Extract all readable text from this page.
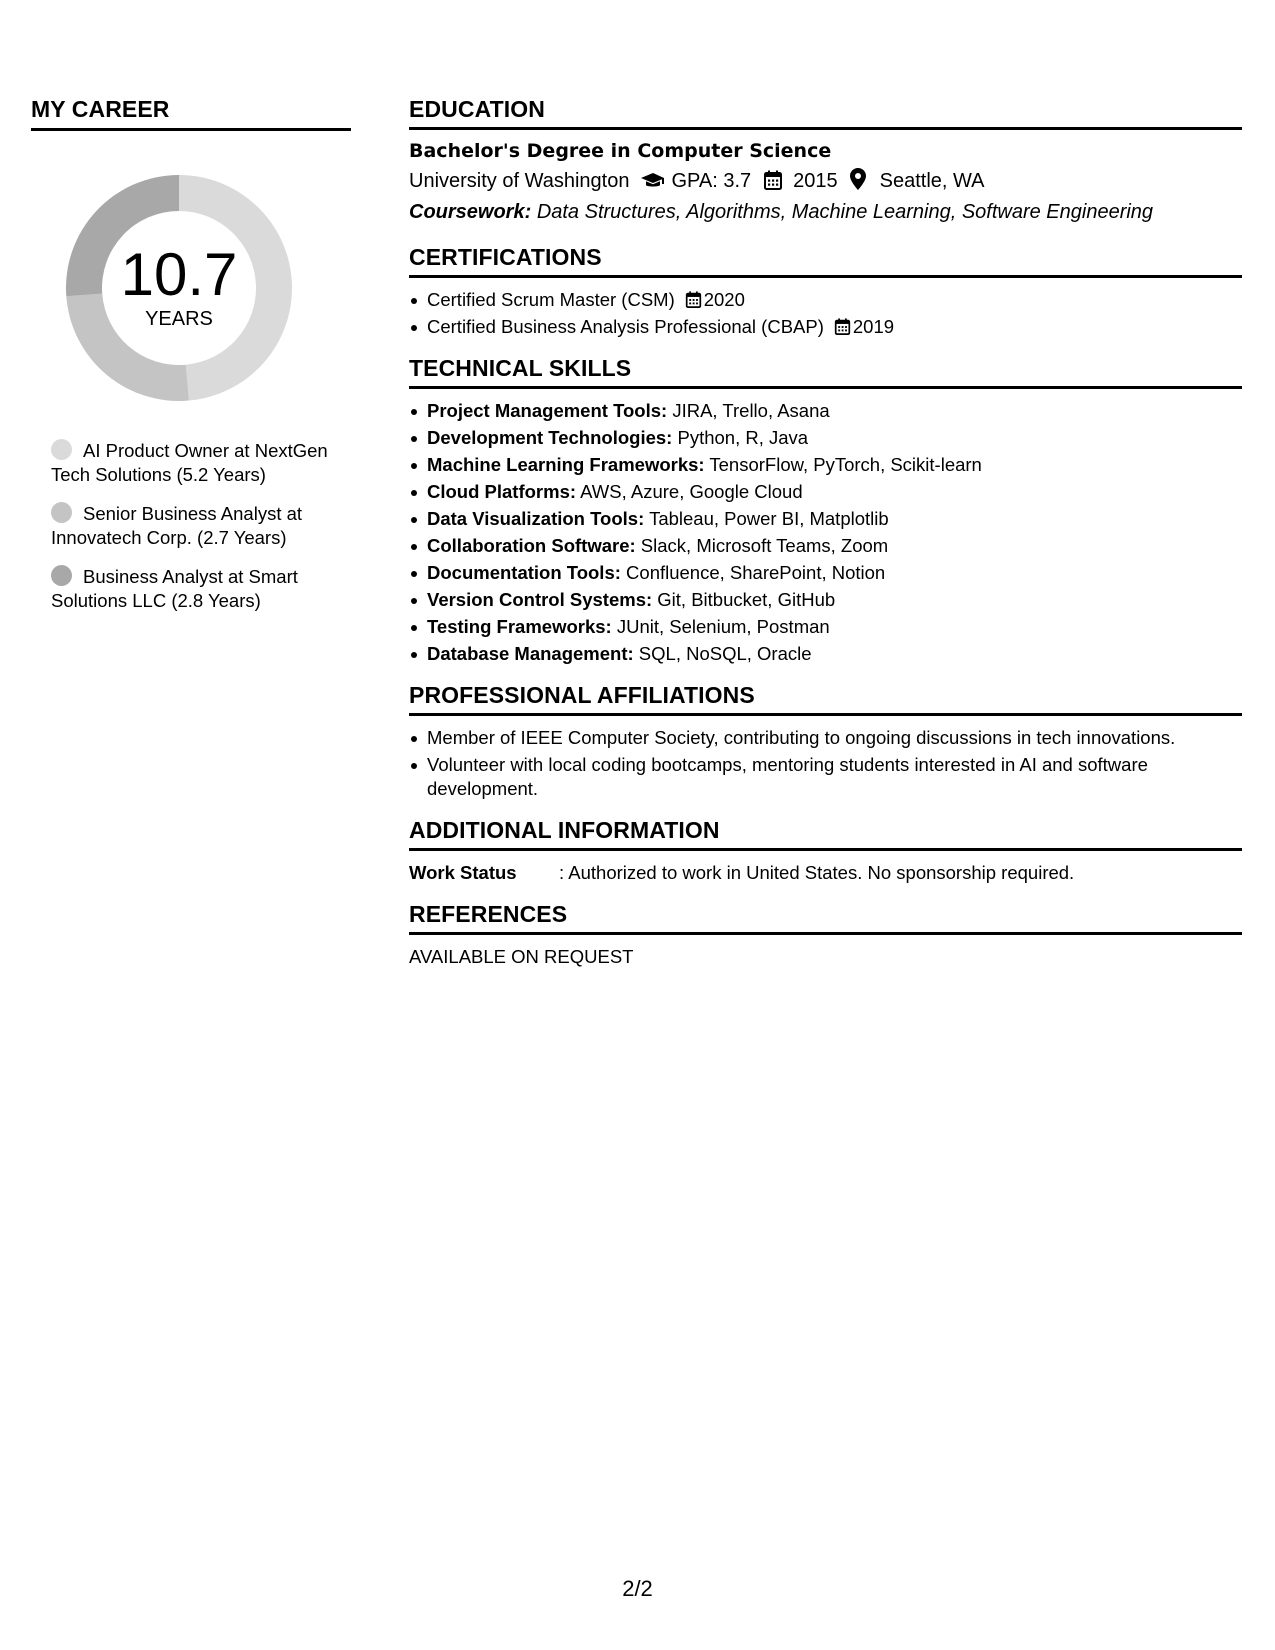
MY CAREER
10.7
YEARS
AI Product Owner at NextGen Tech Solutions (5.2 Years)
Senior Business Analyst at Innovatech Corp. (2.7 Years)
Business Analyst at Smart Solutions LLC (2.8 Years)
EDUCATION
Bachelor's Degree in Computer Science
University of Washington GPA: 3.7 2015 Seattle, WA
Coursework: Data Structures, Algorithms, Machine Learning, Software Engineering
CERTIFICATIONS
Certified Scrum Master (CSM) 2020
Certified Business Analysis Professional (CBAP) 2019
TECHNICAL SKILLS
Project Management Tools: JIRA, Trello, Asana
Development Technologies: Python, R, Java
Machine Learning Frameworks: TensorFlow, PyTorch, Scikit-learn
Cloud Platforms: AWS, Azure, Google Cloud
Data Visualization Tools: Tableau, Power BI, Matplotlib
Collaboration Software: Slack, Microsoft Teams, Zoom
Documentation Tools: Confluence, SharePoint, Notion
Version Control Systems: Git, Bitbucket, GitHub
Testing Frameworks: JUnit, Selenium, Postman
Database Management: SQL, NoSQL, Oracle
PROFESSIONAL AFFILIATIONS
Member of IEEE Computer Society, contributing to ongoing discussions in tech innovations.
Volunteer with local coding bootcamps, mentoring students interested in AI and software development.
ADDITIONAL INFORMATION
Work Status	: Authorized to work in United States. No sponsorship required.
REFERENCES
AVAILABLE ON REQUEST
2/2
